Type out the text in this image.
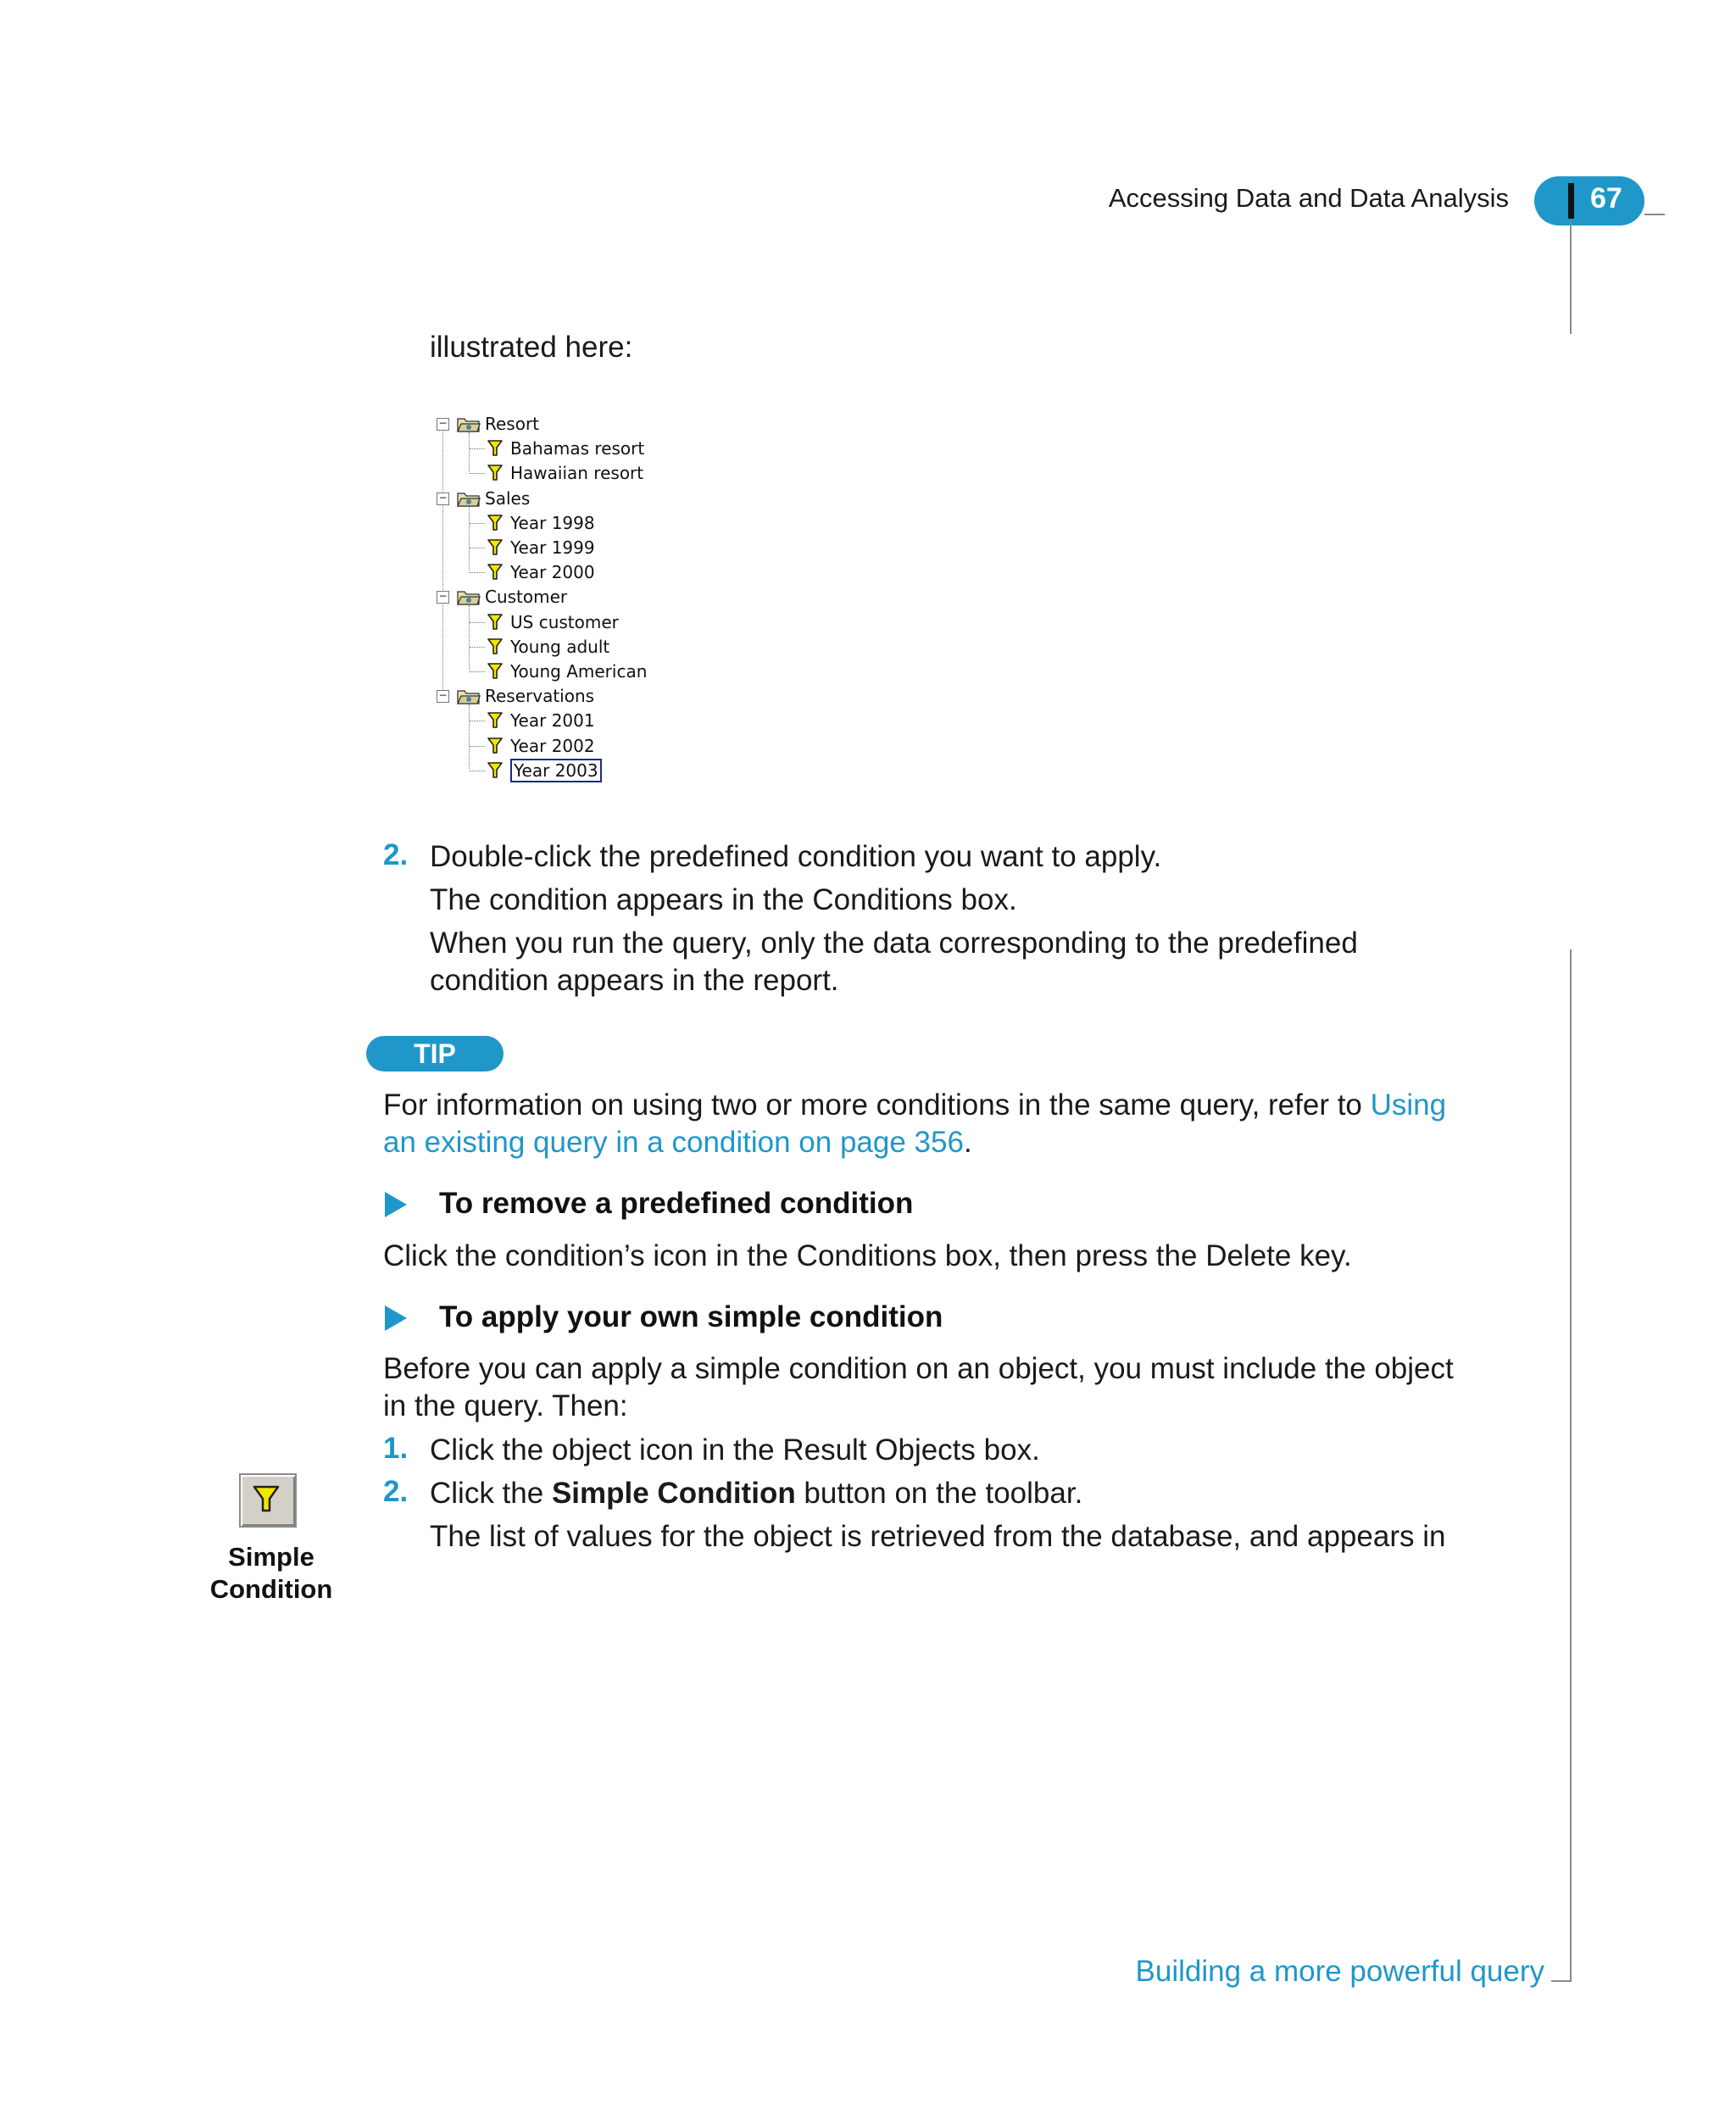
Accessing Data and Data Analysis	67
illustrated here:
− Resort
Bahamas resort
Hawaiian resort
− Sales
Year 1998
Year 1999
Year 2000
− Customer
US customer
Young adult
Young American
− Reservations
Year 2001
Year 2002
Year 2003
2. Double-click the predefined condition you want to apply.
The condition appears in the Conditions box.
When you run the query, only the data corresponding to the predefined condition appears in the report.
TIP
For information on using two or more conditions in the same query, refer to Using an existing query in a condition on page 356.
To remove a predefined condition
Click the condition’s icon in the Conditions box, then press the Delete key.
To apply your own simple condition
Before you can apply a simple condition on an object, you must include the object in the query. Then:
1. Click the object icon in the Result Objects box.
2. Click the Simple Condition button on the toolbar.
The list of values for the object is retrieved from the database, and appears in
Simple
Condition
Building a more powerful query
